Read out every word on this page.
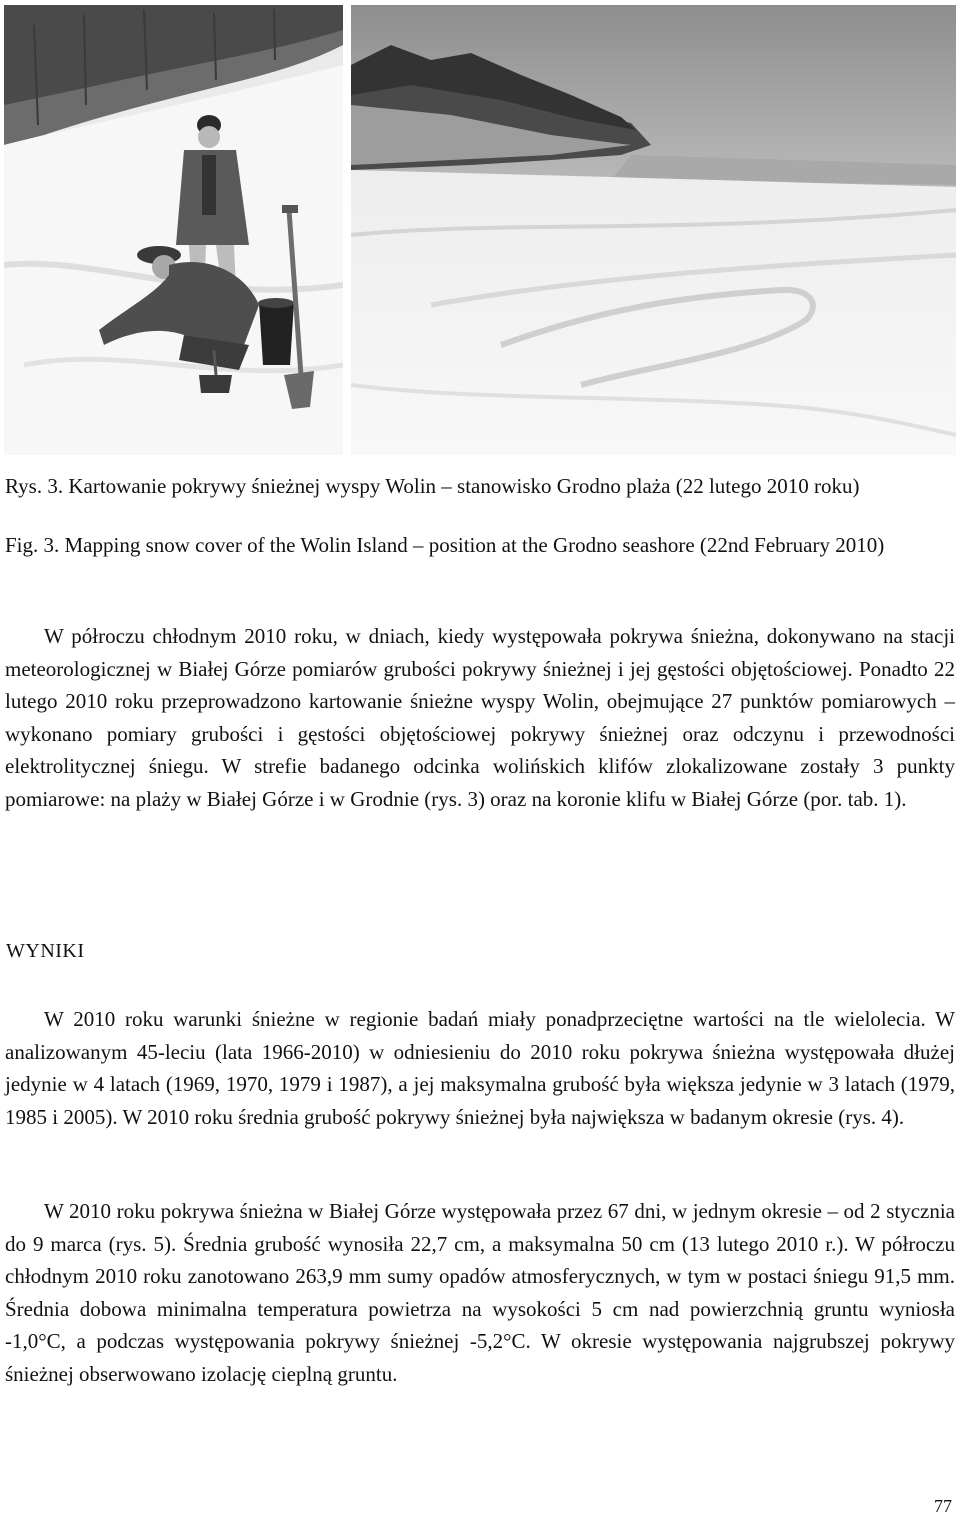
Rys. 3. Kartowanie pokrywy śnieżnej wyspy Wolin – stanowisko Grodno plaża (22 lutego 2010 roku)

Fig. 3. Mapping snow cover of the Wolin Island – position at the Grodno seashore (22nd February 2010)

W półroczu chłodnym 2010 roku, w dniach, kiedy występowała pokrywa śnieżna, dokonywano na stacji meteorologicznej w Białej Górze pomiarów grubości pokrywy śnieżnej i jej gęstości objętościowej. Ponadto 22 lutego 2010 roku przeprowadzono kartowanie śnieżne wyspy Wolin, obejmujące 27 punktów pomiarowych – wykonano pomiary grubości i gęstości objętościowej pokrywy śnieżnej oraz odczynu i przewodności elektrolitycznej śniegu. W strefie badanego odcinka wolińskich klifów zlokalizowane zostały 3 punkty pomiarowe: na plaży w Białej Górze i w Grodnie (rys. 3) oraz na koronie klifu w Białej Górze (por. tab. 1).

WYNIKI

W 2010 roku warunki śnieżne w regionie badań miały ponadprzeciętne wartości na tle wielolecia. W analizowanym 45-leciu (lata 1966-2010) w odniesieniu do 2010 roku pokrywa śnieżna występowała dłużej jedynie w 4 latach (1969, 1970, 1979 i 1987), a jej maksymalna grubość była większa jedynie w 3 latach (1979, 1985 i 2005). W 2010 roku średnia grubość pokrywy śnieżnej była największa w badanym okresie (rys. 4).

W 2010 roku pokrywa śnieżna w Białej Górze występowała przez 67 dni, w jednym okresie – od 2 stycznia do 9 marca (rys. 5). Średnia grubość wynosiła 22,7 cm, a maksymalna 50 cm (13 lutego 2010 r.). W półroczu chłodnym 2010 roku zanotowano 263,9 mm sumy opadów atmosferycznych, w tym w postaci śniegu 91,5 mm. Średnia dobowa minimalna temperatura powietrza na wysokości 5 cm nad powierzchnią gruntu wyniosła -1,0°C, a podczas występowania pokrywy śnieżnej -5,2°C. W okresie występowania najgrubszej pokrywy śnieżnej obserwowano izolację cieplną gruntu.

77
